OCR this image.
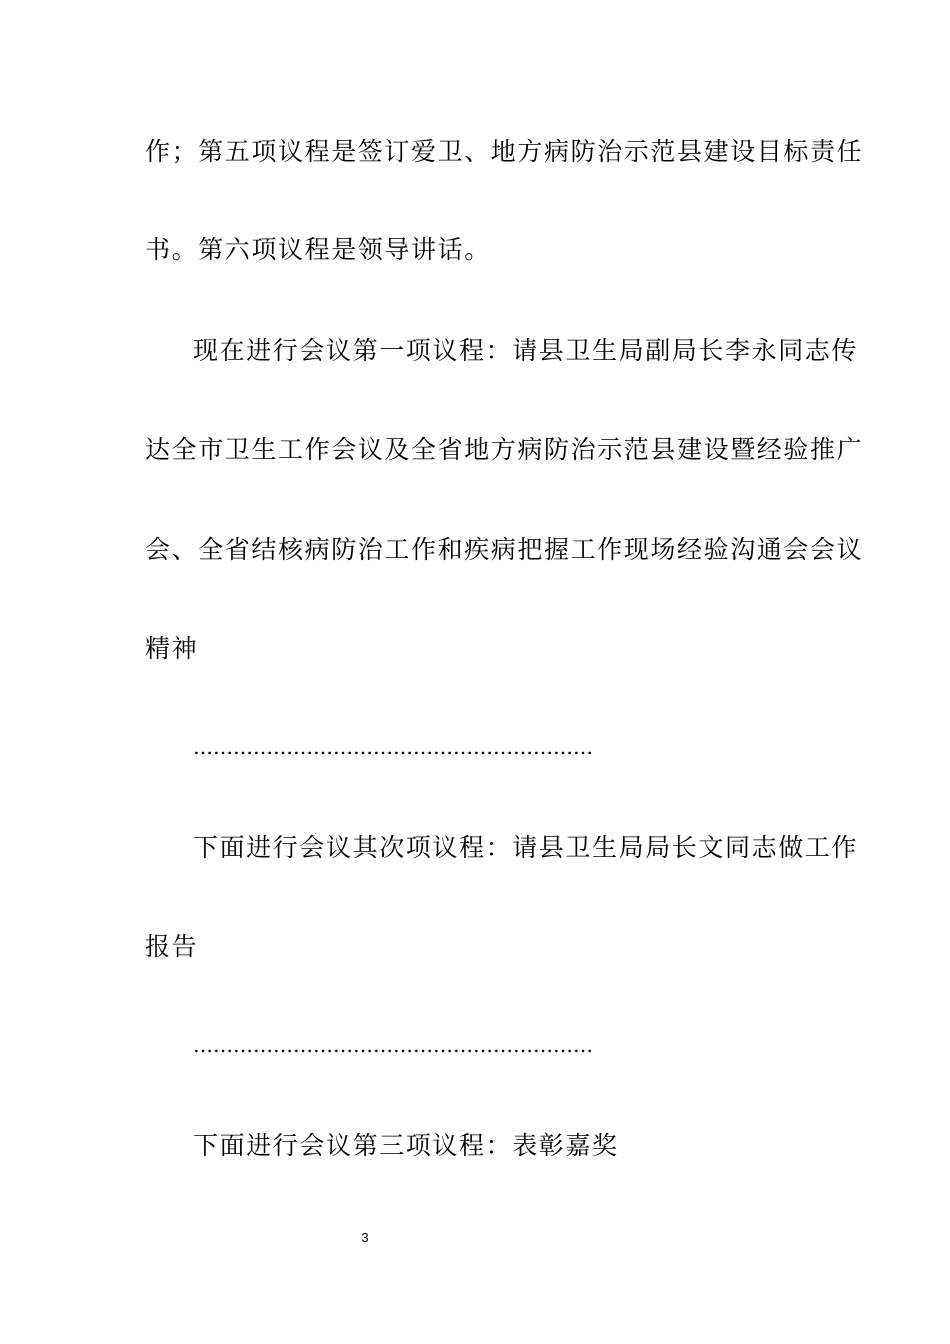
作；第五项议程是签订爱卫、地方病防治示范县建设目标责任
书。第六项议程是领导讲话。
现在进行会议第一项议程：请县卫生局副局长李永同志传
达全市卫生工作会议及全省地方病防治示范县建设暨经验推广
会、全省结核病防治工作和疾病把握工作现场经验沟通会会议
精神
……………………………………………………
下面进行会议其次项议程：请县卫生局局长文同志做工作
报告
……………………………………………………
下面进行会议第三项议程：表彰嘉奖
3
